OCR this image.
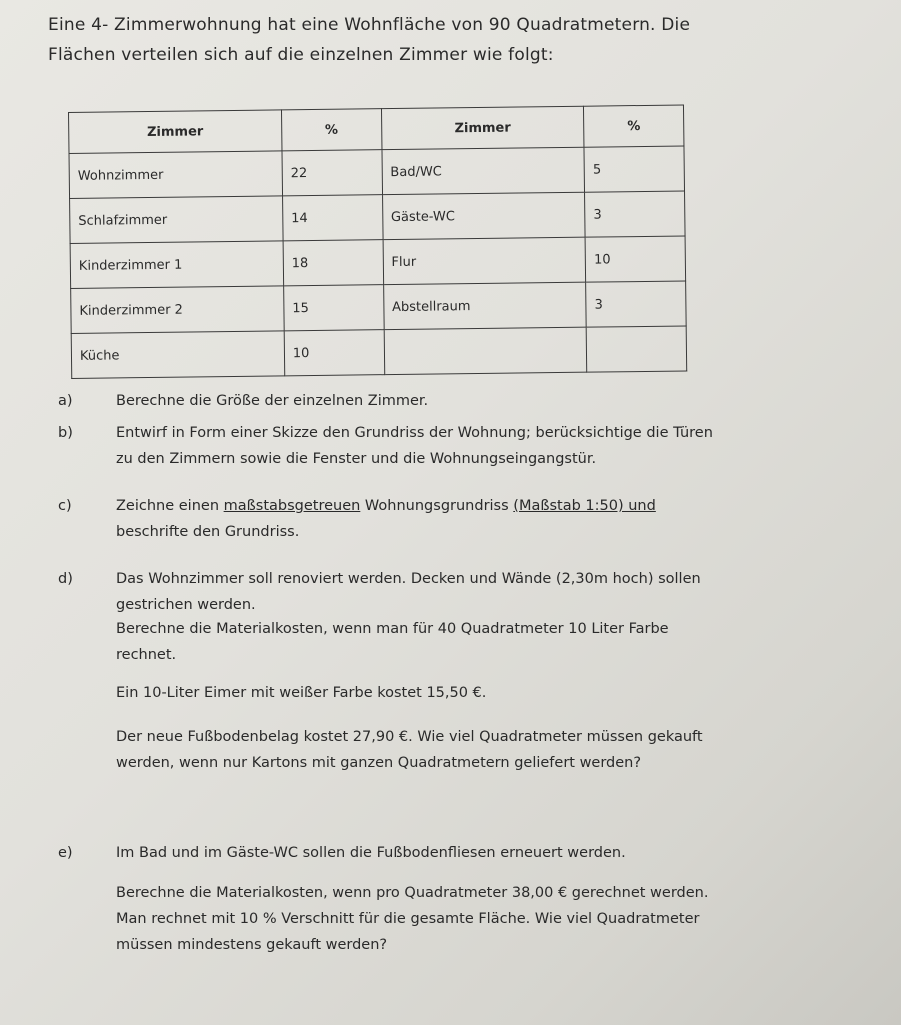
Eine 4- Zimmerwohnung hat eine Wohnfläche von 90 Quadratmetern. Die
Flächen verteilen sich auf die einzelnen Zimmer wie folgt:
Zimmer	%	Zimmer	%
Wohnzimmer	22	Bad/WC	5
Schlafzimmer	14	Gäste-WC	3
Kinderzimmer 1	18	Flur	10
Kinderzimmer 2	15	Abstellraum	3
Küche	10		
a)	Berechne die Größe der einzelnen Zimmer.
b)	Entwirf in Form einer Skizze den Grundriss der Wohnung; berücksichtige die Türen
zu den Zimmern sowie die Fenster und die Wohnungseingangstür.
c)	Zeichne einen maßstabsgetreuen Wohnungsgrundriss (Maßstab 1:50) und
beschrifte den Grundriss.
d)	Das Wohnzimmer soll renoviert werden. Decken und Wände (2,30m hoch) sollen
gestrichen werden.
Berechne die Materialkosten, wenn man für 40 Quadratmeter 10 Liter Farbe
rechnet.
Ein 10-Liter Eimer mit weißer Farbe kostet 15,50 €.
Der neue Fußbodenbelag kostet 27,90 €. Wie viel Quadratmeter müssen gekauft
werden, wenn nur Kartons mit ganzen Quadratmetern geliefert werden?
e)	Im Bad und im Gäste-WC sollen die Fußbodenfliesen erneuert werden.
Berechne die Materialkosten, wenn pro Quadratmeter 38,00 € gerechnet werden.
Man rechnet mit 10 % Verschnitt für die gesamte Fläche. Wie viel Quadratmeter
müssen mindestens gekauft werden?
